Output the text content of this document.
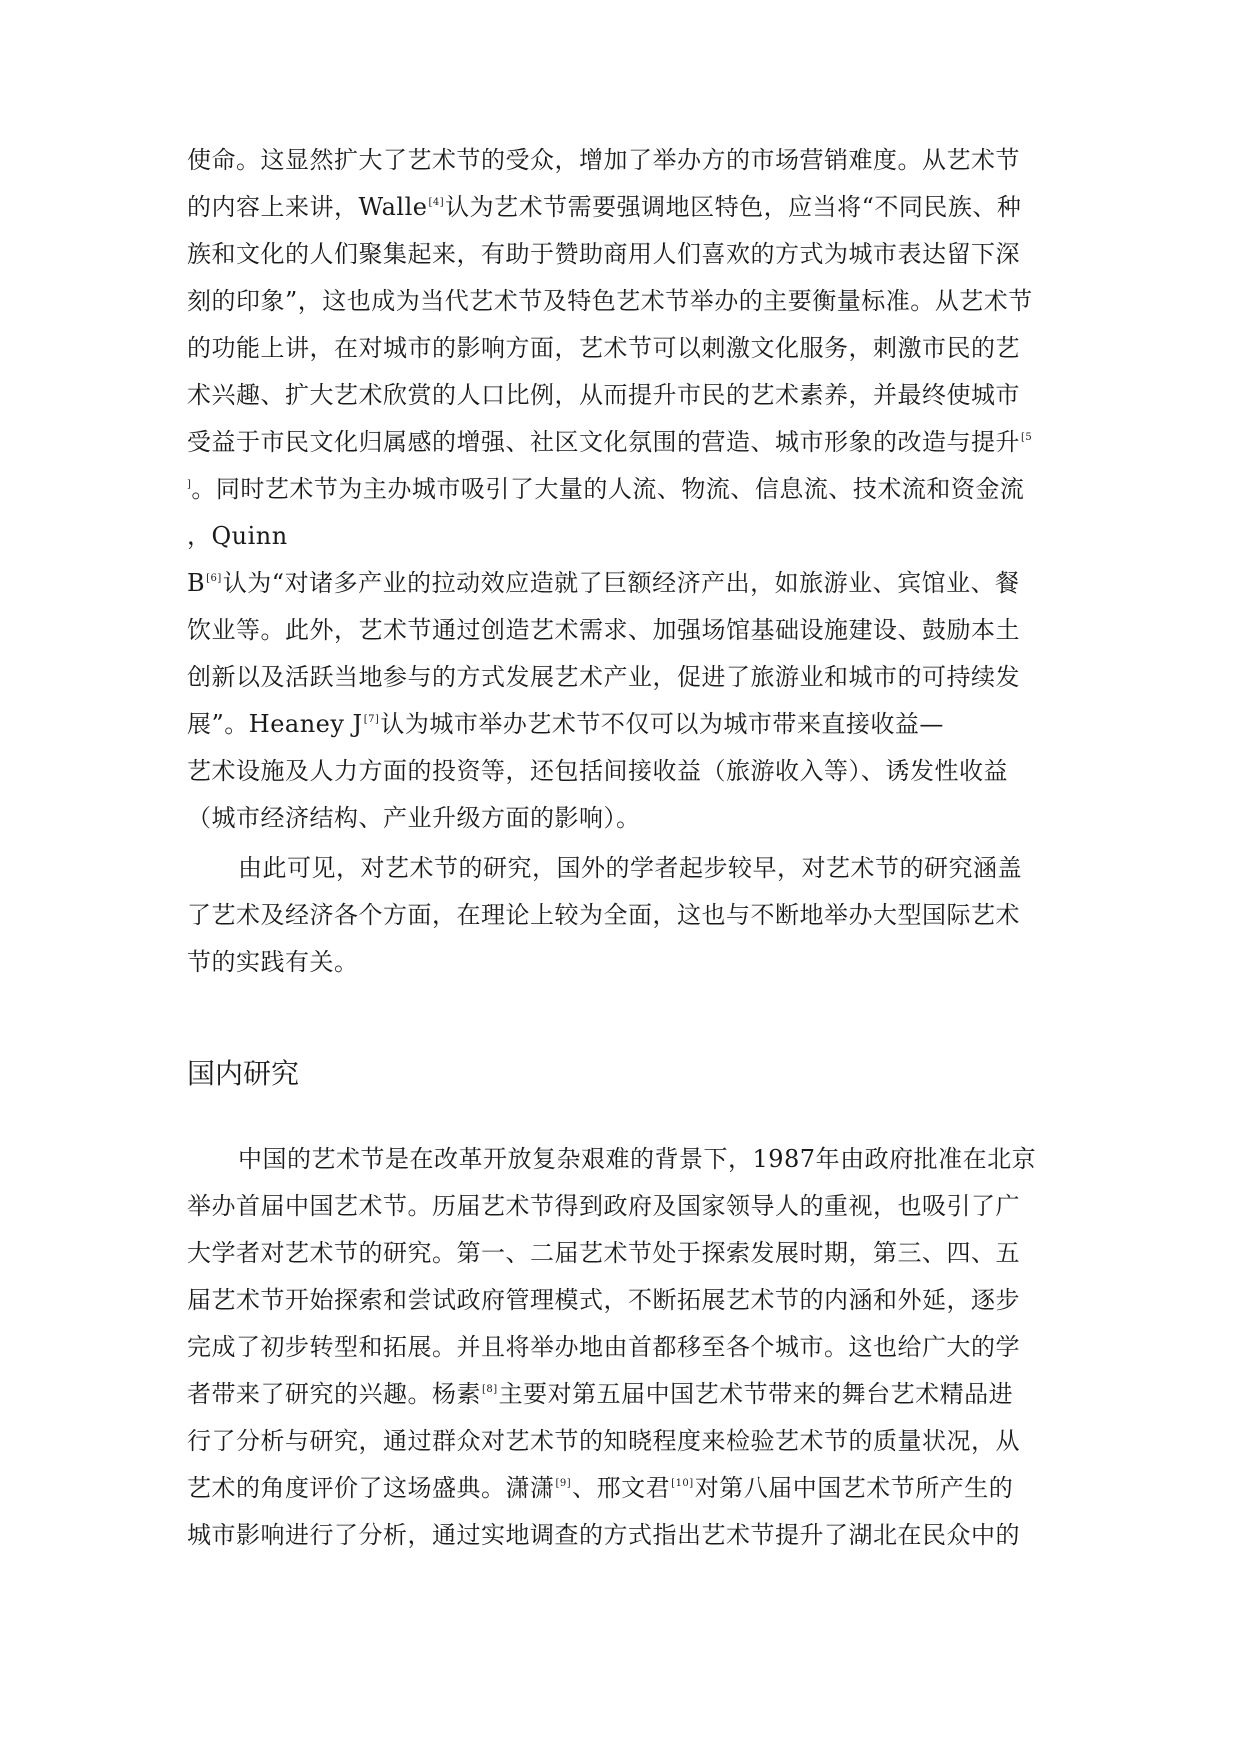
使命。这显然扩大了艺术节的受众，增加了举办方的市场营销难度。从艺术节
的内容上来讲，Walle[4]认为艺术节需要强调地区特色，应当将“不同民族、种
族和文化的人们聚集起来，有助于赞助商用人们喜欢的方式为城市表达留下深
刻的印象”，这也成为当代艺术节及特色艺术节举办的主要衡量标准。从艺术节
的功能上讲，在对城市的影响方面，艺术节可以刺激文化服务，刺激市民的艺
术兴趣、扩大艺术欣赏的人口比例，从而提升市民的艺术素养，并最终使城市
受益于市民文化归属感的增强、社区文化氛围的营造、城市形象的改造与提升$^{[5}$
]。同时艺术节为主办城市吸引了大量的人流、物流、信息流、技术流和资金流
，Quinn
B[6]认为“对诸多产业的拉动效应造就了巨额经济产出，如旅游业、宾馆业、餐
饮业等。此外，艺术节通过创造艺术需求、加强场馆基础设施建设、鼓励本土
创新以及活跃当地参与的方式发展艺术产业，促进了旅游业和城市的可持续发
展”。Heaney J[7]认为城市举办艺术节不仅可以为城市带来直接收益—
艺术设施及人力方面的投资等，还包括间接收益（旅游收入等）、诱发性收益
（城市经济结构、产业升级方面的影响）。
由此可见，对艺术节的研究，国外的学者起步较早，对艺术节的研究涵盖
了艺术及经济各个方面，在理论上较为全面，这也与不断地举办大型国际艺术
节的实践有关。
国内研究
中国的艺术节是在改革开放复杂艰难的背景下，1987年由政府批准在北京
举办首届中国艺术节。历届艺术节得到政府及国家领导人的重视，也吸引了广
大学者对艺术节的研究。第一、二届艺术节处于探索发展时期，第三、四、五
届艺术节开始探索和尝试政府管理模式，不断拓展艺术节的内涵和外延，逐步
完成了初步转型和拓展。并且将举办地由首都移至各个城市。这也给广大的学
者带来了研究的兴趣。杨素[8]主要对第五届中国艺术节带来的舞台艺术精品进
行了分析与研究，通过群众对艺术节的知晓程度来检验艺术节的质量状况，从
艺术的角度评价了这场盛典。潇潇[9]、邢文君[10]对第八届中国艺术节所产生的
城市影响进行了分析，通过实地调查的方式指出艺术节提升了湖北在民众中的
